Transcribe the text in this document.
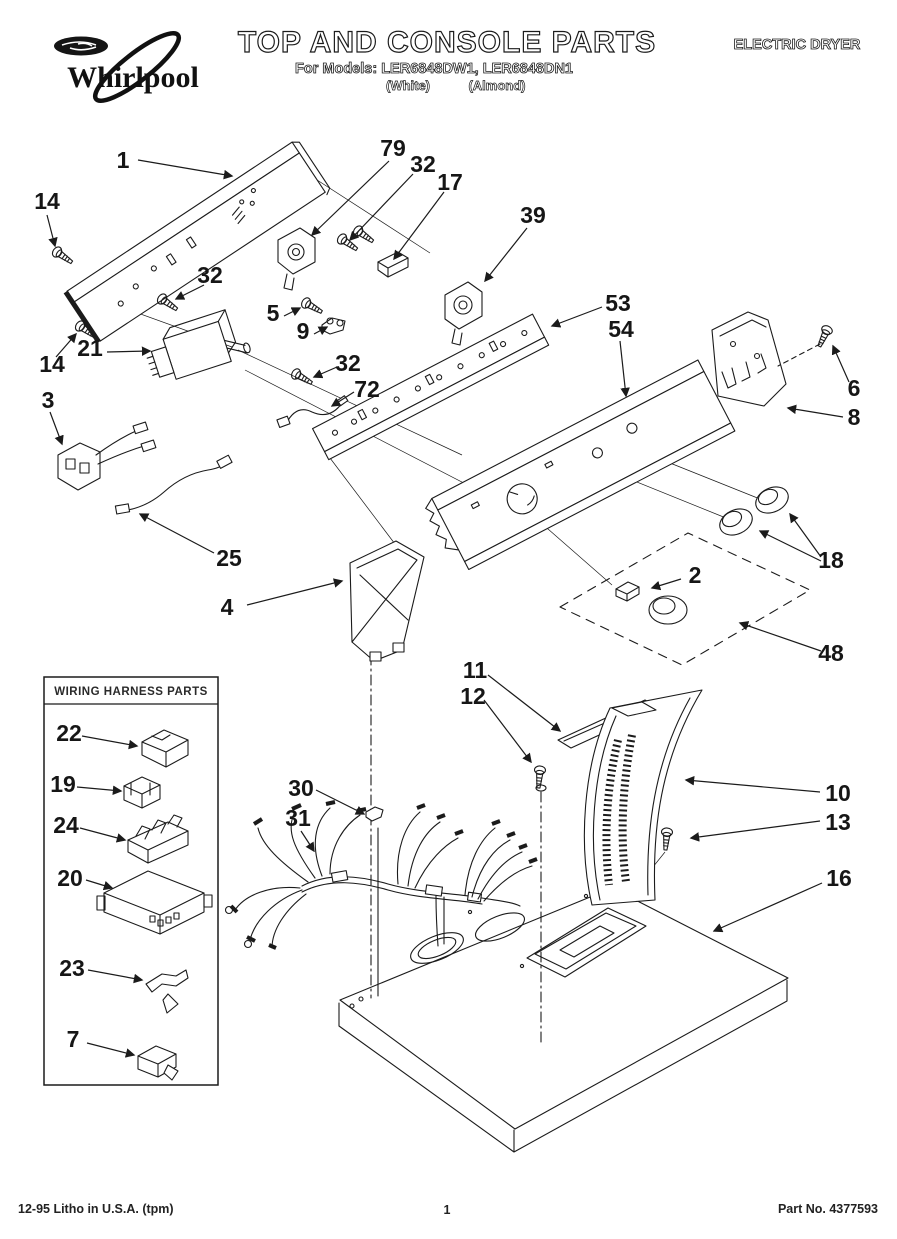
Whirlpool
TOP AND CONSOLE PARTS
For Models: LER6848DW1, LER6848DN1
(White)	(Almond)
ELECTRIC DRYER
WIRING HARNESS PARTS
1
14
32
79
32
17
39
5
9
21
14
3
32
72
53
54
6
8
18
2
48
25
4
11
12
30
31
10
13
16
22
19
24
20
23
7
12-95 Litho in U.S.A. (tpm)	1	Part No. 4377593
